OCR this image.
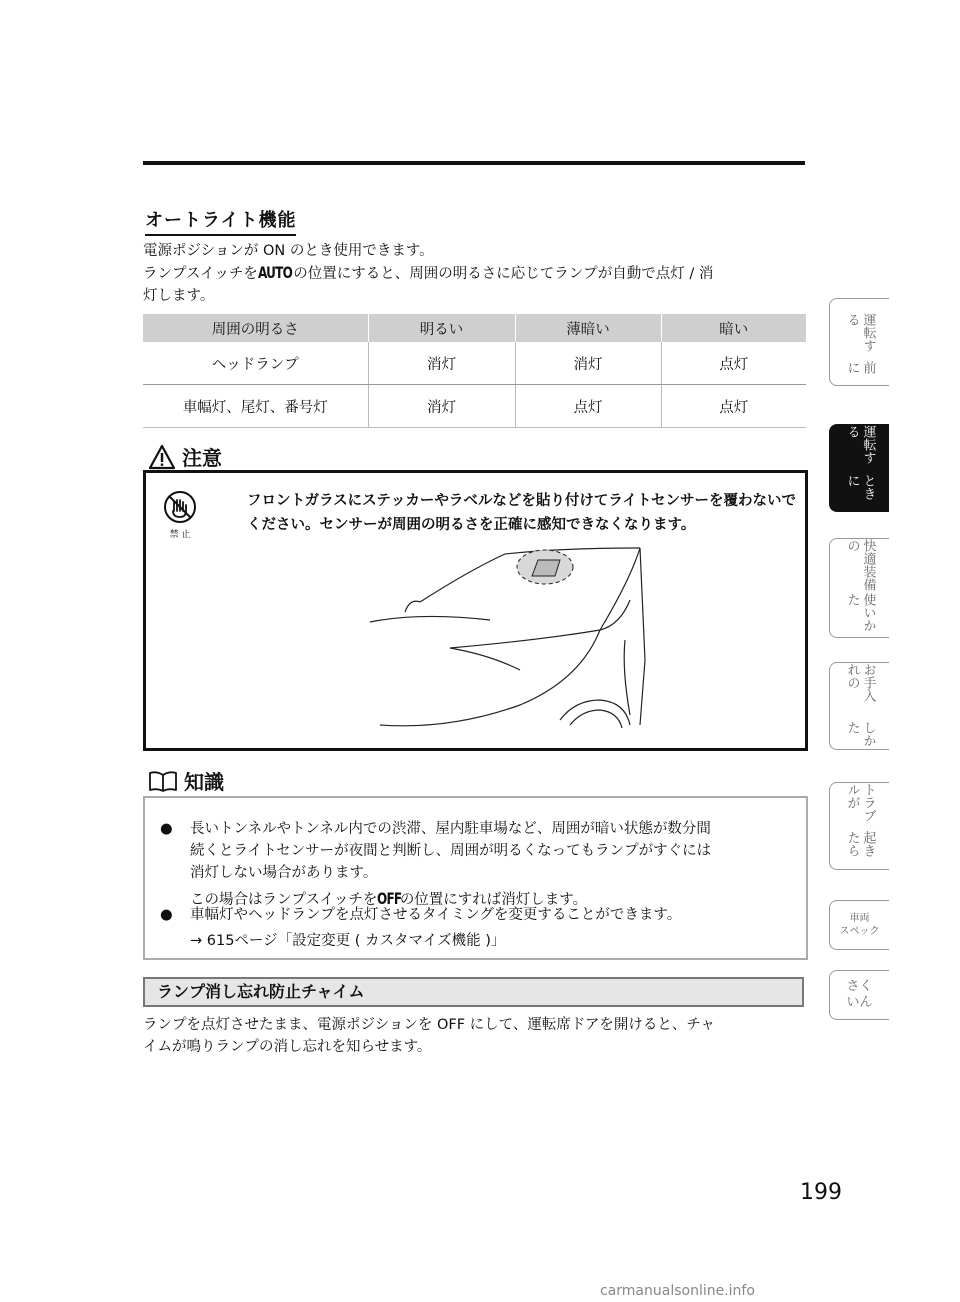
オートライト機能
電源ポジションが ON のとき使用できます。
ランプスイッチをAUTOの位置にすると、周囲の明るさに応じてランプが自動で点灯 / 消
灯します。
周囲の明るさ	明るい	薄暗い	暗い
ヘッドランプ	消灯	消灯	点灯
車幅灯、尾灯、番号灯	消灯	点灯	点灯
注意
禁 止
フロントガラスにステッカーやラベルなどを貼り付けてライトセンサーを覆わないでください。センサーが周囲の明るさを正確に感知できなくなります。
知識
● 長いトンネルやトンネル内での渋滞、屋内駐車場など、周囲が暗い状態が数分間
続くとライトセンサーが夜間と判断し、周囲が明るくなってもランプがすぐには
消灯しない場合があります。
この場合はランプスイッチをOFFの位置にすれば消灯します。
● 車幅灯やヘッドランプを点灯させるタイミングを変更することができます。
→ 615ページ「設定変更 ( カスタマイズ機能 )」
ランプ消し忘れ防止チャイム
ランプを点灯させたまま、電源ポジションを OFF にして、運転席ドアを開けると、チャ
イムが鳴りランプの消し忘れを知らせます。
運転する
前に
運転する
ときに
快適装備の
使いかた
お手入れの
しかた
トラブルが
起きたら
車両
スペック
さく
いん
199
carmanualsonline.info
